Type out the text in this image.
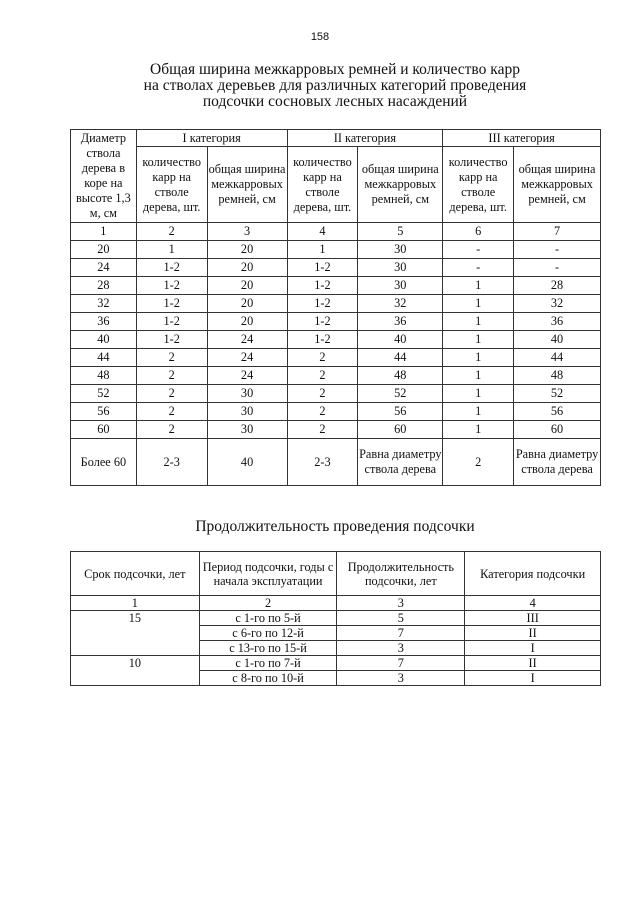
158
Общая ширина межкарровых ремней и количество карр
на стволах деревьев для различных категорий проведения
подсочки сосновых лесных насаждений
Диаметр ствола дерева в коре на высоте 1,3 м, см	I категория		II категория		III категория	
	количество карр на стволе дерева, шт.	общая ширина межкарровых ремней, см	количество карр на стволе дерева, шт.	общая ширина межкарровых ремней, см	количество карр на стволе дерева, шт.	общая ширина межкарровых ремней, см
1	2	3	4	5	6	7
20	1	20	1	30	-	-
24	1-2	20	1-2	30	-	-
28	1-2	20	1-2	30	1	28
32	1-2	20	1-2	32	1	32
36	1-2	20	1-2	36	1	36
40	1-2	24	1-2	40	1	40
44	2	24	2	44	1	44
48	2	24	2	48	1	48
52	2	30	2	52	1	52
56	2	30	2	56	1	56
60	2	30	2	60	1	60
Более 60	2-3	40	2-3	Равна диаметру ствола дерева	2	Равна диаметру ствола дерева
Продолжительность проведения подсочки
Срок подсочки, лет	Период подсочки, годы с начала эксплуатации	Продолжительность подсочки, лет	Категория подсочки
1	2	3	4
15	с 1-го по 5-й	5	III
	с 6-го по 12-й	7	II
	с 13-го по 15-й	3	I
10	с 1-го по 7-й	7	II
	с 8-го по 10-й	3	I
